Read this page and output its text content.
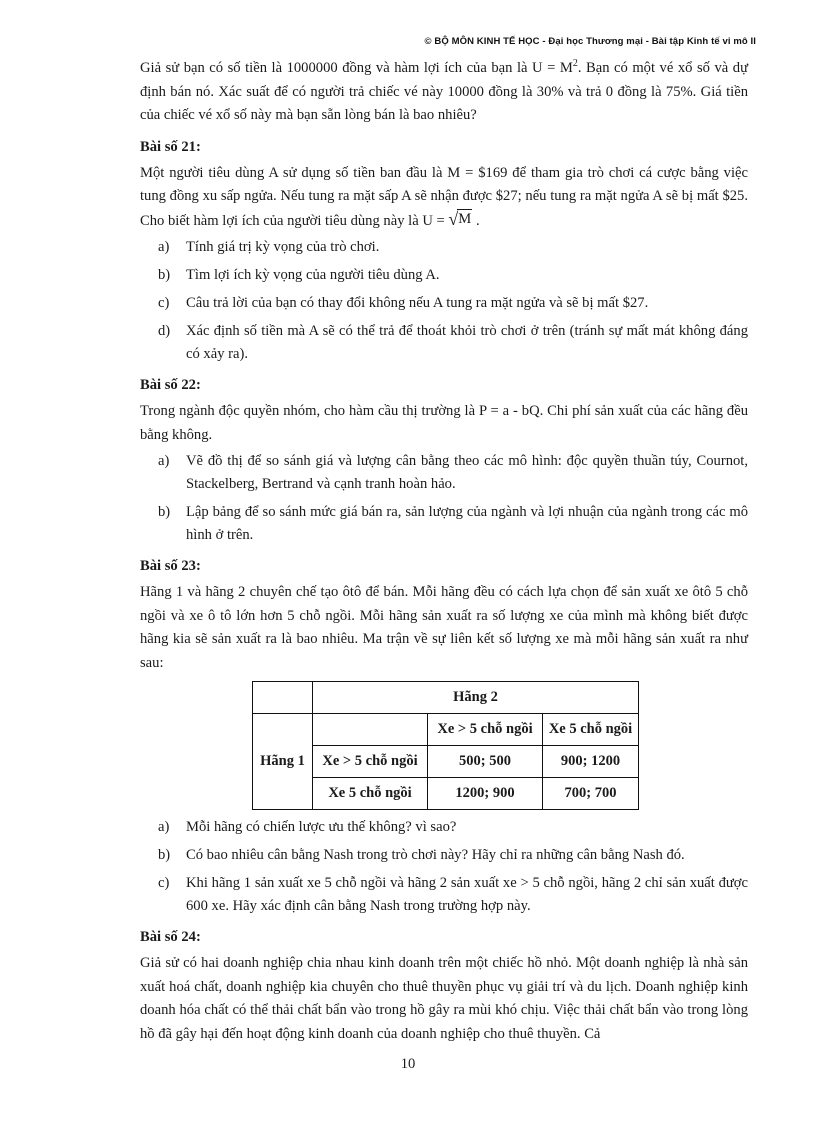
© BỘ MÔN KINH TẾ HỌC - Đại học Thương mại - Bài tập Kinh tế vi mô II

Giả sử bạn có số tiền là 1000000 đồng và hàm lợi ích của bạn là $U = M^2$. Bạn có một vé xổ số và dự định bán nó. Xác suất để có người trả chiếc vé này 10000 đồng là 30% và trả 0 đồng là 75%. Giá tiền của chiếc vé xổ số này mà bạn sẵn lòng bán là bao nhiêu?

Bài số 21:

Một người tiêu dùng A sử dụng số tiền ban đầu là M = $169 để tham gia trò chơi cá cược bằng việc tung đồng xu sấp ngửa. Nếu tung ra mặt sấp A sẽ nhận được $27; nếu tung ra mặt ngửa A sẽ bị mất $25. Cho biết hàm lợi ích của người tiêu dùng này là U = √ M .

a)	Tính giá trị kỳ vọng của trò chơi.
b)	Tìm lợi ích kỳ vọng của người tiêu dùng A.
c)	Câu trả lời của bạn có thay đổi không nếu A tung ra mặt ngửa và sẽ bị mất $27.
d)	Xác định số tiền mà A sẽ có thể trả để thoát khỏi trò chơi ở trên (tránh sự mất mát không đáng có xảy ra).
Bài số 22:

Trong ngành độc quyền nhóm, cho hàm cầu thị trường là P = a - bQ. Chi phí sản xuất của các hãng đều bằng không.

a)	Vẽ đồ thị để so sánh giá và lượng cân bằng theo các mô hình: độc quyền thuần túy, Cournot, Stackelberg, Bertrand và cạnh tranh hoàn hảo.
b)	Lập bảng để so sánh mức giá bán ra, sản lượng của ngành và lợi nhuận của ngành trong các mô hình ở trên.
Bài số 23:

Hãng 1 và hãng 2 chuyên chế tạo ôtô để bán. Mỗi hãng đều có cách lựa chọn để sản xuất xe ôtô 5 chỗ ngồi và xe ô tô lớn hơn 5 chỗ ngồi. Mỗi hãng sản xuất ra số lượng xe của mình mà không biết được hãng kia sẽ sản xuất ra là bao nhiêu. Ma trận về sự liên kết số lượng xe mà mỗi hãng sản xuất ra như sau:

	Hãng 2		
Hãng 1		Xe > 5 chỗ ngồi	Xe 5 chỗ ngồi
	Xe > 5 chỗ ngồi	500; 500	900; 1200
	Xe 5 chỗ ngồi	1200; 900	700; 700
a)	Mỗi hãng có chiến lược ưu thế không? vì sao?
b)	Có bao nhiêu cân bằng Nash trong trò chơi này? Hãy chỉ ra những cân bằng Nash đó.
c)	Khi hãng 1 sản xuất xe 5 chỗ ngồi và hãng 2 sản xuất xe > 5 chỗ ngồi, hãng 2 chỉ sản xuất được 600 xe. Hãy xác định cân bằng Nash trong trường hợp này.
Bài số 24:

Giả sử có hai doanh nghiệp chia nhau kinh doanh trên một chiếc hồ nhỏ. Một doanh nghiệp là nhà sản xuất hoá chất, doanh nghiệp kia chuyên cho thuê thuyền phục vụ giải trí và du lịch. Doanh nghiệp kinh doanh hóa chất có thể thải chất bẩn vào trong hồ gây ra mùi khó chịu. Việc thải chất bẩn vào trong lòng hồ đã gây hại đến hoạt động kinh doanh của doanh nghiệp cho thuê thuyền. Cả

10
